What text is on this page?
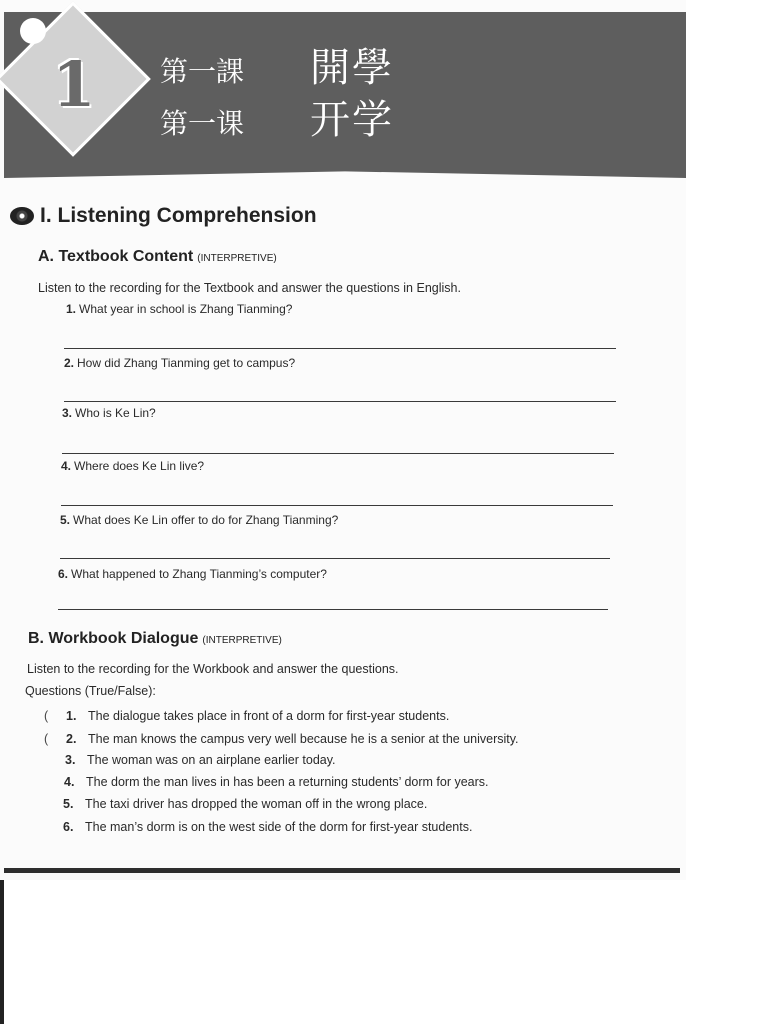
1	第一課	開學
第一课	开学
I. Listening Comprehension
A. Textbook Content (INTERPRETIVE)
Listen to the recording for the Textbook and answer the questions in English.
1. What year in school is Zhang Tianming?
2. How did Zhang Tianming get to campus?
3. Who is Ke Lin?
4. Where does Ke Lin live?
5. What does Ke Lin offer to do for Zhang Tianming?
6. What happened to Zhang Tianming’s computer?
B. Workbook Dialogue (INTERPRETIVE)
Listen to the recording for the Workbook and answer the questions.
Questions (True/False):
(	1. The dialogue takes place in front of a dorm for first-year students.
(	2. The man knows the campus very well because he is a senior at the university.
3. The woman was on an airplane earlier today.
4. The dorm the man lives in has been a returning students’ dorm for years.
5. The taxi driver has dropped the woman off in the wrong place.
6. The man’s dorm is on the west side of the dorm for first-year students.
